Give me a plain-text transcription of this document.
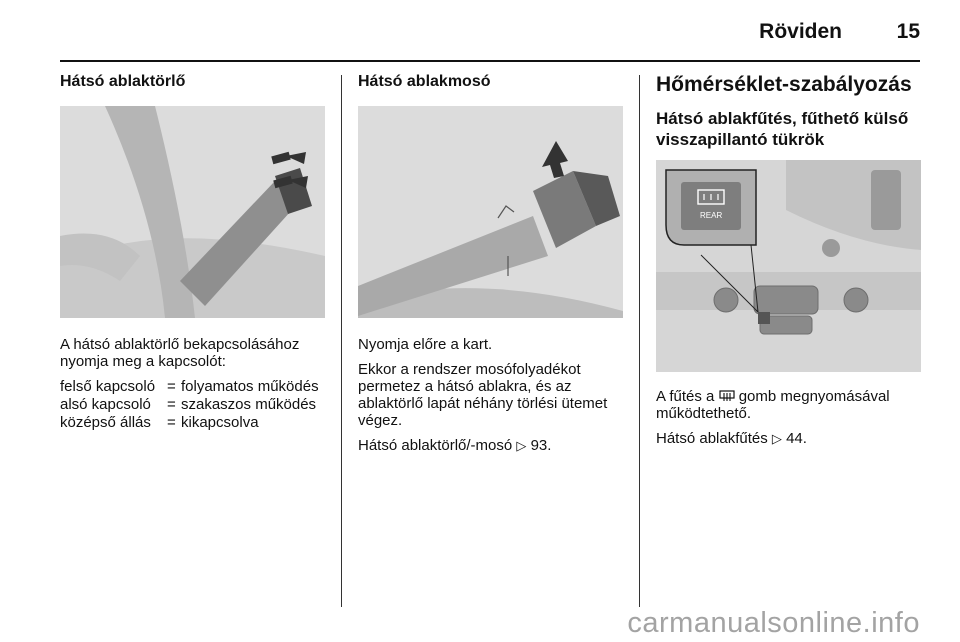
Röviden	15
Hátsó ablaktörlő

A hátsó ablaktörlő bekapcsolásához nyomja meg a kapcsolót:

felső kapcsoló = folyamatos működés
alsó kapcsoló	= szakaszos működés
középső állás	= kikapcsolva
Hátsó ablakmosó

Nyomja előre a kart.

Ekkor a rendszer mosófolyadékot permetez a hátsó ablakra, és az ablaktörlő lapát néhány törlési ütemet végez.

Hátsó ablaktörlő/-mosó ▷ 93.

Hőmérséklet-szabályozás
Hátsó ablakfűtés, fűthető külső visszapillantó tükrök
REAR

A fűtés a  gomb megnyomásával működtethető.

Hátsó ablakfűtés ▷ 44.

carmanualsonline.info
